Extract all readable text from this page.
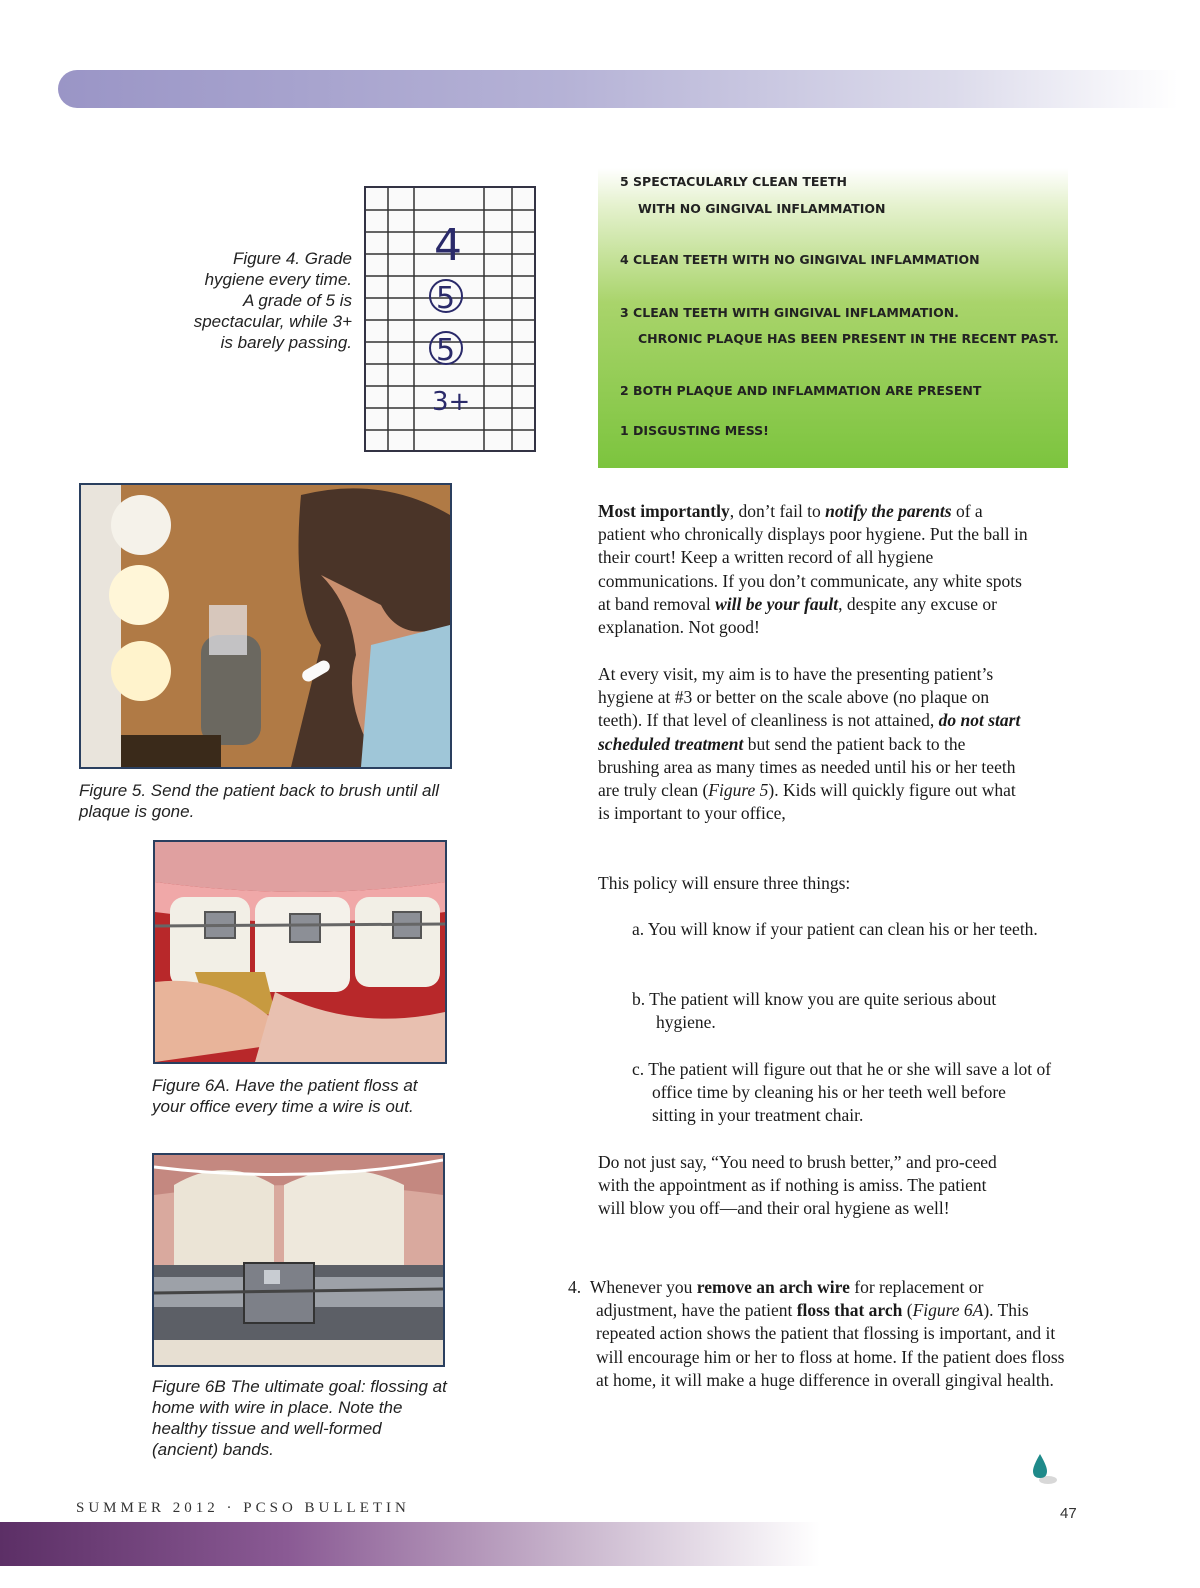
Figure 4. Grade hygiene every time. A grade of 5 is spectacular, while 3+ is barely passing.
4
5
5
3+
5 SPECTACULARLY CLEAN TEETH
WITH NO GINGIVAL INFLAMMATION
4 CLEAN TEETH WITH NO GINGIVAL INFLAMMATION
3 CLEAN TEETH WITH GINGIVAL INFLAMMATION.
CHRONIC PLAQUE HAS BEEN PRESENT IN THE RECENT PAST.
2 BOTH PLAQUE AND INFLAMMATION ARE PRESENT
1 DISGUSTING MESS!
Figure 5. Send the patient back to brush until all plaque is gone.
Figure 6A. Have the patient floss at your office every time a wire is out.
Figure 6B The ultimate goal: flossing at home with wire in place. Note the healthy tissue and well-formed (ancient) bands.
Most importantly, don’t fail to notify the parents of a patient who chronically displays poor hygiene. Put the ball in their court! Keep a written record of all hygiene communications. If you don’t communicate, any white spots at band removal will be your fault, despite any excuse or explanation. Not good!
At every visit, my aim is to have the presenting patient’s hygiene at #3 or better on the scale above (no plaque on teeth). If that level of cleanliness is not attained, do not start scheduled treatment but send the patient back to the brushing area as many times as needed until his or her teeth are truly clean (Figure 5). Kids will quickly figure out what is important to your office,
This policy will ensure three things:
a. You will know if your patient can clean his or her teeth.
b. The patient will know you are quite serious about hygiene.
c. The patient will figure out that he or she will save a lot of office time by cleaning his or her teeth well before sitting in your treatment chair.
Do not just say, “You need to brush better,” and pro-ceed with the appointment as if nothing is amiss. The patient will blow you off—and their oral hygiene as well!
4. Whenever you remove an arch wire for replacement or adjustment, have the patient floss that arch (Figure 6A). This repeated action shows the patient that flossing is important, and it will encourage him or her to floss at home. If the patient does floss at home, it will make a huge difference in overall gingival health.
SUMMER 2012 · PCSO BULLETIN	47
